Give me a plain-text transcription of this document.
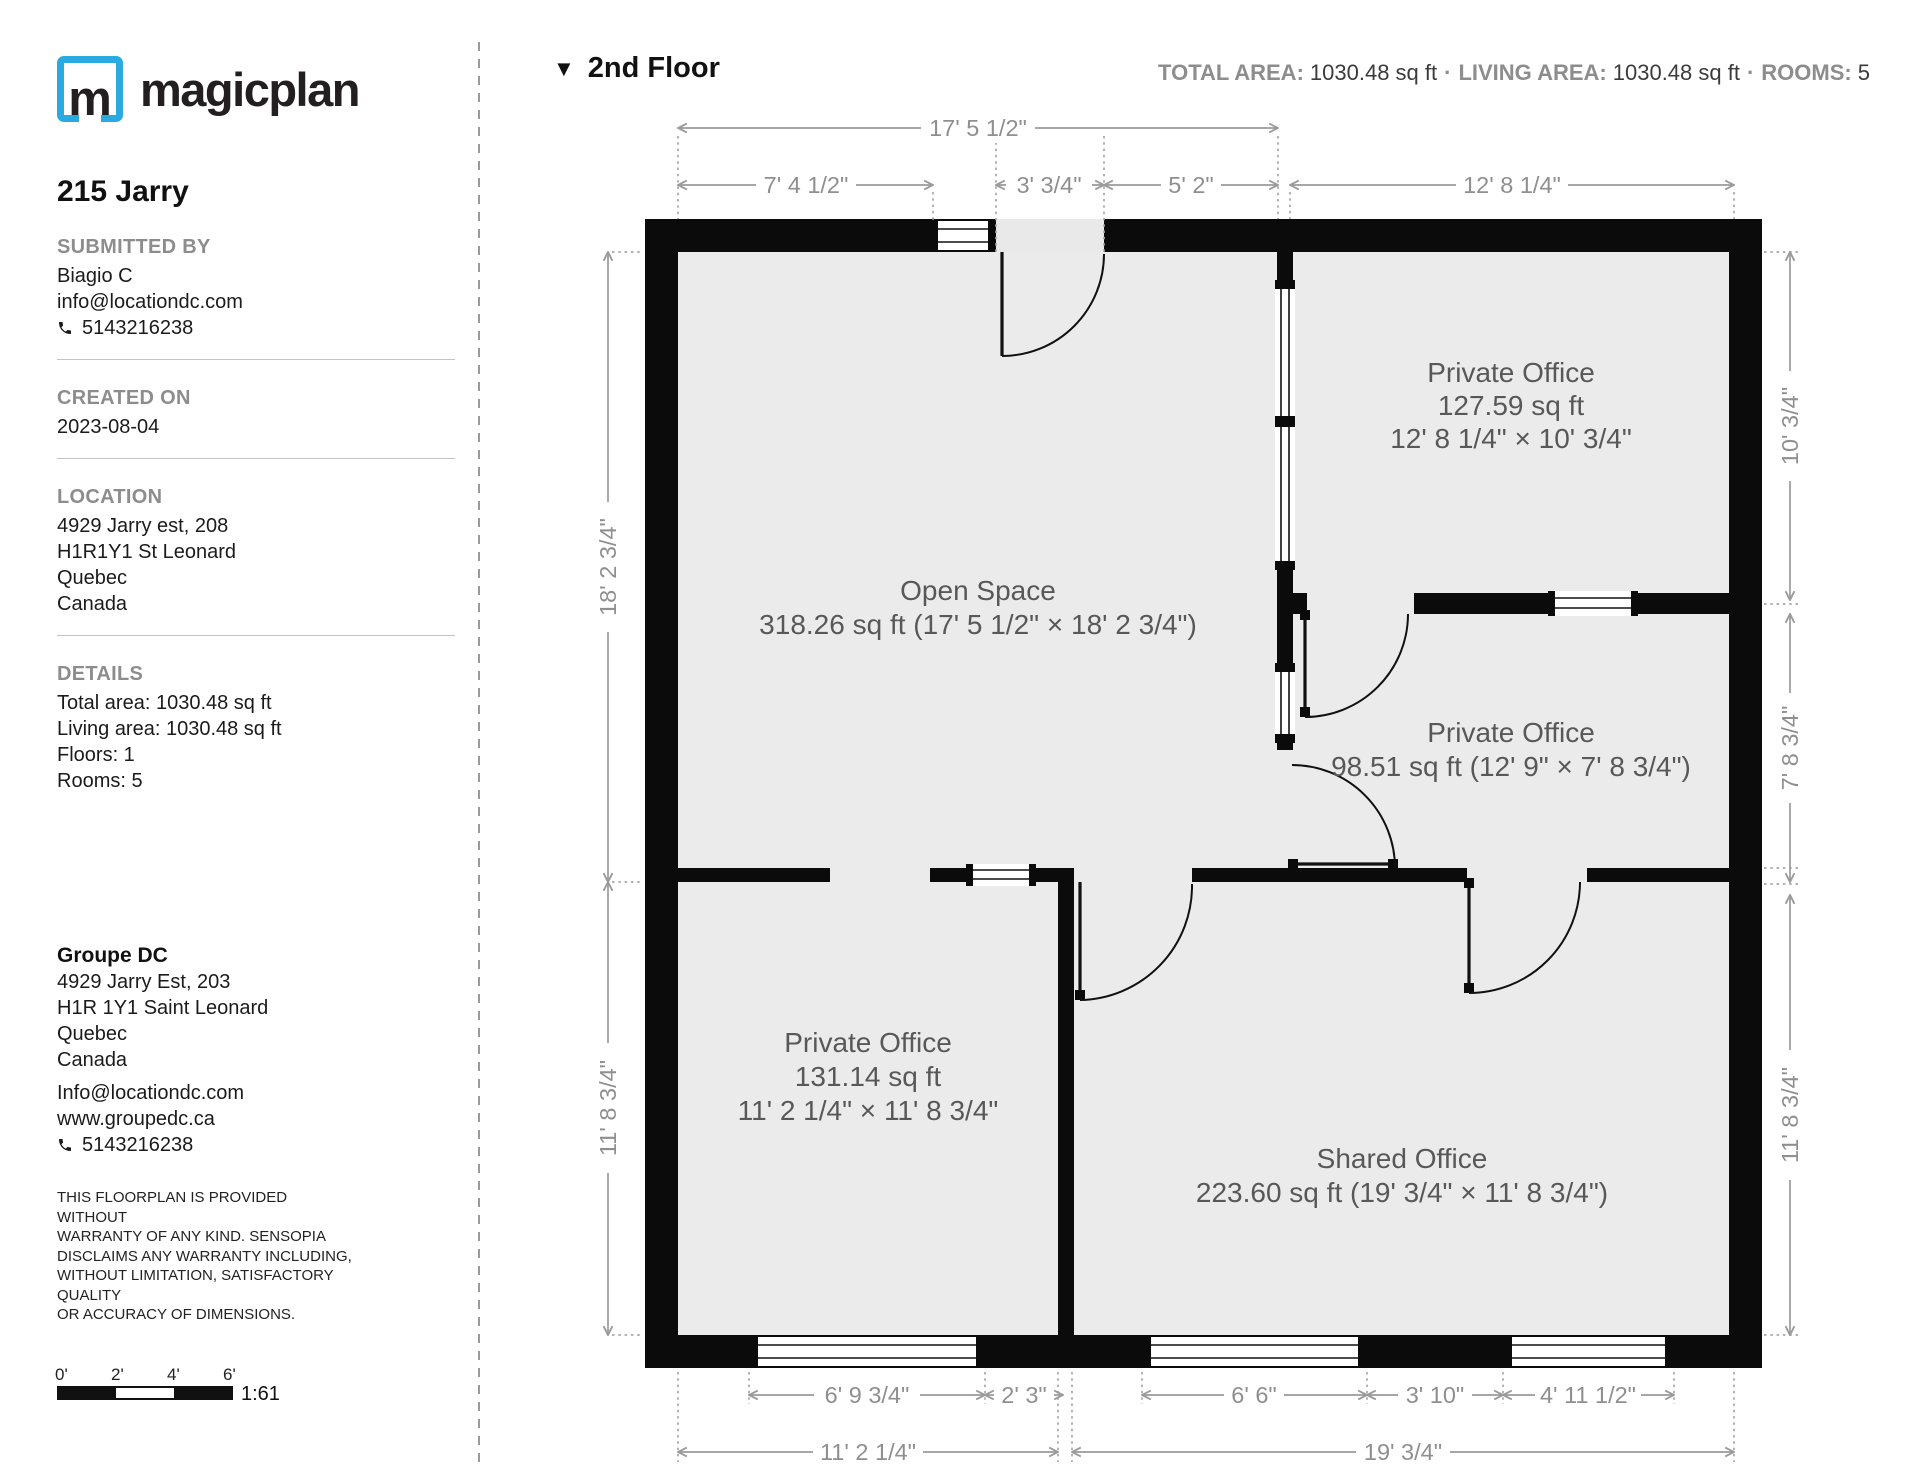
m magicplan
215 Jarry
SUBMITTED BY
Biagio C
info@locationdc.com
5143216238
CREATED ON
2023-08-04
LOCATION
4929 Jarry est, 208
H1R1Y1 St Leonard
Quebec
Canada
DETAILS
Total area: 1030.48 sq ft
Living area: 1030.48 sq ft
Floors: 1
Rooms: 5
Groupe DC
4929 Jarry Est, 203
H1R 1Y1 Saint Leonard
Quebec
Canada
Info@locationdc.com
www.groupedc.ca
5143216238
THIS FLOORPLAN IS PROVIDED WITHOUT
WARRANTY OF ANY KIND. SENSOPIA
DISCLAIMS ANY WARRANTY INCLUDING,
WITHOUT LIMITATION, SATISFACTORY QUALITY
OR ACCURACY OF DIMENSIONS.
0'	2'	4'	6'
1:61
▼ 2nd Floor	TOTAL AREA: 1030.48 sq ft · LIVING AREA: 1030.48 sq ft · ROOMS: 5
17' 5 1/2"
7' 4 1/2"	3' 3/4"	5' 2"	12' 8 1/4"
18' 2 3/4"
11' 8 3/4"
10' 3/4"
7' 8 3/4"
11' 8 3/4"
6' 9 3/4"	2' 3"	6' 6"	3' 10"	4' 11 1/2"
11' 2 1/4"	19' 3/4"
Open Space
318.26 sq ft (17' 5 1/2" × 18' 2 3/4")
Private Office
127.59 sq ft
12' 8 1/4" × 10' 3/4"
Private Office
98.51 sq ft (12' 9" × 7' 8 3/4")
Private Office
131.14 sq ft
11' 2 1/4" × 11' 8 3/4"
Shared Office
223.60 sq ft (19' 3/4" × 11' 8 3/4")
